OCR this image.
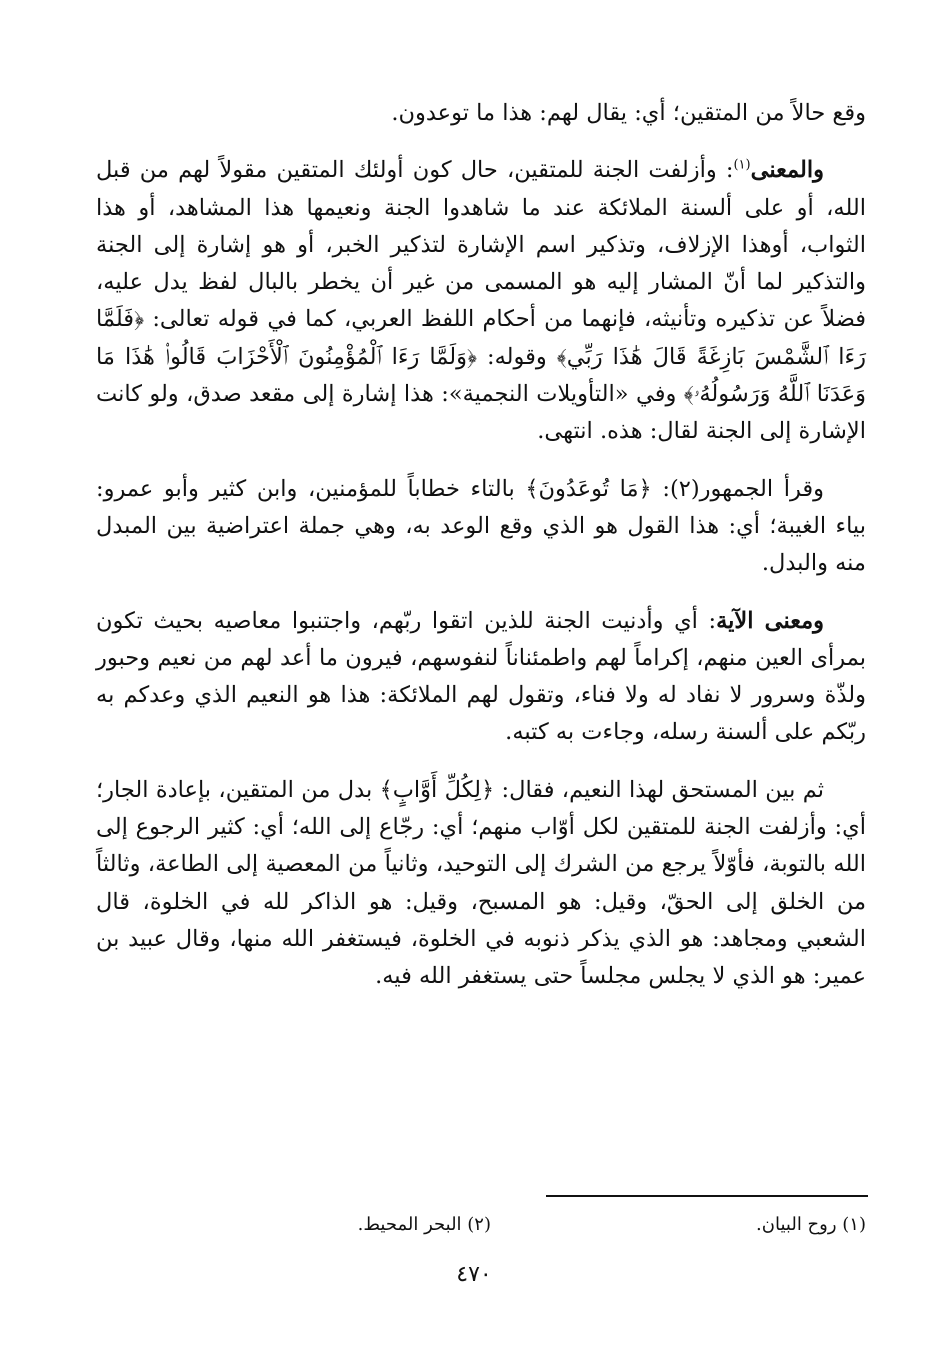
وقع حالاً من المتقين؛ أي: يقال لهم: هذا ما توعدون.

والمعنى$^{(١)}$: وأزلفت الجنة للمتقين، حال كون أولئك المتقين مقولاً لهم من قبل الله، أو على ألسنة الملائكة عند ما شاهدوا الجنة ونعيمها هذا المشاهد، أو هذا الثواب، أوهذا الإزلاف، وتذكير اسم الإشارة لتذكير الخبر، أو هو إشارة إلى الجنة والتذكير لما أنّ المشار إليه هو المسمى من غير أن يخطر بالبال لفظ يدل عليه، فضلاً عن تذكيره وتأنيثه، فإنهما من أحكام اللفظ العربي، كما في قوله تعالى: ﴿فَلَمَّا رَءَا ٱلشَّمْسَ بَازِغَةً قَالَ هَٰذَا رَبِّي﴾ وقوله: ﴿وَلَمَّا رَءَا ٱلْمُؤْمِنُونَ ٱلْأَحْزَابَ قَالُوا۟ هَٰذَا مَا وَعَدَنَا ٱللَّهُ وَرَسُولُهُۥ﴾ وفي «التأويلات النجمية»: هذا إشارة إلى مقعد صدق، ولو كانت الإشارة إلى الجنة لقال: هذه. انتهى.

وقرأ الجمهور(٢): ﴿مَا تُوعَدُونَ﴾ بالتاء خطاباً للمؤمنين، وابن كثير وأبو عمرو: بياء الغيبة؛ أي: هذا القول هو الذي وقع الوعد به، وهي جملة اعتراضية بين المبدل منه والبدل.

ومعنى الآية: أي وأدنيت الجنة للذين اتقوا ربّهم، واجتنبوا معاصيه بحيث تكون بمرأى العين منهم، إكراماً لهم واطمئناناً لنفوسهم، فيرون ما أعد لهم من نعيم وحبور ولذّة وسرور لا نفاد له ولا فناء، وتقول لهم الملائكة: هذا هو النعيم الذي وعدكم به ربّكم على ألسنة رسله، وجاءت به كتبه.

ثم بين المستحق لهذا النعيم، فقال: ﴿لِكُلِّ أَوَّابٍ﴾ بدل من المتقين، بإعادة الجار؛ أي: وأزلفت الجنة للمتقين لكل أوّاب منهم؛ أي: رجّاع إلى الله؛ أي: كثير الرجوع إلى الله بالتوبة، فأوّلاً يرجع من الشرك إلى التوحيد، وثانياً من المعصية إلى الطاعة، وثالثاً من الخلق إلى الحقّ، وقيل: هو المسبح، وقيل: هو الذاكر لله في الخلوة، قال الشعبي ومجاهد: هو الذي يذكر ذنوبه في الخلوة، فيستغفر الله منها، وقال عبيد بن عمير: هو الذي لا يجلس مجلساً حتى يستغفر الله فيه.

(١) روح البيان.
(٢) البحر المحيط.
٤٧٠
